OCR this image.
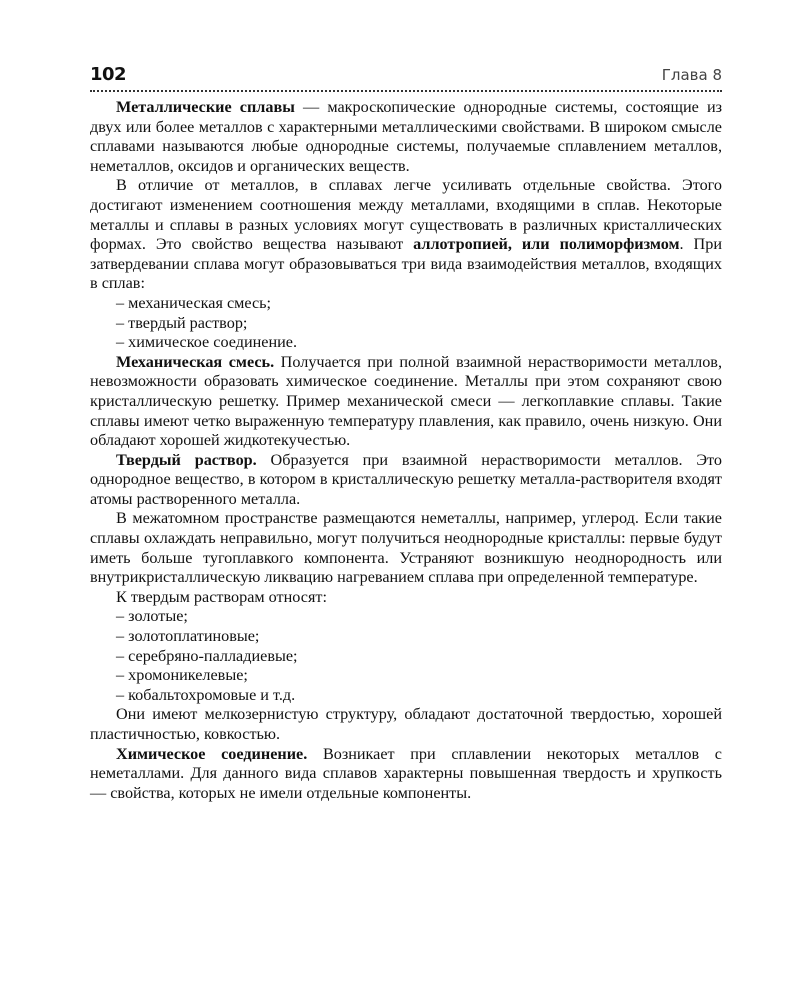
102	Глава 8

Металлические сплавы — макроскопические однородные системы, состоящие из двух или более металлов с характерными металлическими свойствами. В широком смысле сплавами называются любые однородные системы, получаемые сплавлением металлов, неметаллов, оксидов и органических веществ.

В отличие от металлов, в сплавах легче усиливать отдельные свойства. Этого достигают изменением соотношения между металлами, входящими в сплав. Некоторые металлы и сплавы в разных условиях могут существовать в различных кристаллических формах. Это свойство вещества называют аллотропией, или полиморфизмом. При затвердевании сплава могут образовываться три вида взаимодействия металлов, входящих в сплав:

– механическая смесь;

– твердый раствор;

– химическое соединение.

Механическая смесь. Получается при полной взаимной нерастворимости металлов, невозможности образовать химическое соединение. Металлы при этом сохраняют свою кристаллическую решетку. Пример механической смеси — легкоплавкие сплавы. Такие сплавы имеют четко выраженную температуру плавления, как правило, очень низкую. Они обладают хорошей жидкотекучестью.

Твердый раствор. Образуется при взаимной нерастворимости металлов. Это однородное вещество, в котором в кристаллическую решетку металла-растворителя входят атомы растворенного металла.

В межатомном пространстве размещаются неметаллы, например, углерод. Если такие сплавы охлаждать неправильно, могут получиться неоднородные кристаллы: первые будут иметь больше тугоплавкого компонента. Устраняют возникшую неоднородность или внутрикристаллическую ликвацию нагреванием сплава при определенной температуре.

К твердым растворам относят:

– золотые;

– золотоплатиновые;

– серебряно-палладиевые;

– хромоникелевые;

– кобальтохромовые и т.д.

Они имеют мелкозернистую структуру, обладают достаточной твердостью, хорошей пластичностью, ковкостью.

Химическое соединение. Возникает при сплавлении некоторых металлов с неметаллами. Для данного вида сплавов характерны повышенная твердость и хрупкость — свойства, которых не имели отдельные компоненты.
